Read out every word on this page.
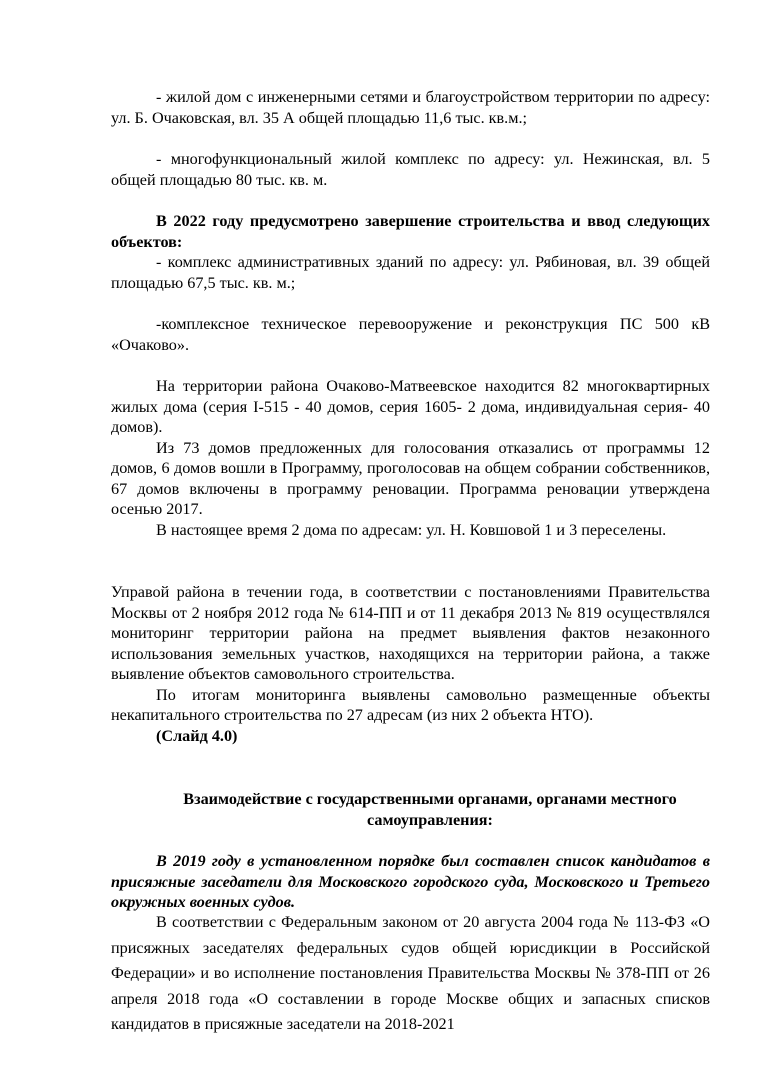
- жилой дом с инженерными сетями и благоустройством территории по адресу: ул. Б. Очаковская, вл. 35 А общей площадью 11,6 тыс. кв.м.;
- многофункциональный жилой комплекс по адресу: ул. Нежинская, вл. 5 общей площадью 80 тыс. кв. м.
В 2022 году предусмотрено завершение строительства и ввод следующих объектов:
- комплекс административных зданий по адресу: ул. Рябиновая, вл. 39 общей площадью 67,5 тыс. кв. м.;
-комплексное техническое перевооружение и реконструкция ПС 500 кВ «Очаково».
На территории района Очаково-Матвеевское находится 82 многоквартирных жилых дома (серия I-515 - 40 домов, серия 1605- 2 дома, индивидуальная серия- 40 домов).
Из 73 домов предложенных для голосования отказались от программы 12 домов, 6 домов вошли в Программу, проголосовав на общем собрании собственников, 67 домов включены в программу реновации. Программа реновации утверждена осенью 2017.
В настоящее время 2 дома по адресам: ул. Н. Ковшовой 1 и 3 переселены.
Управой района в течении года, в соответствии с постановлениями Правительства Москвы от 2 ноября 2012 года № 614-ПП и от 11 декабря 2013 № 819 осуществлялся мониторинг территории района на предмет выявления фактов незаконного использования земельных участков, находящихся на территории района, а также выявление объектов самовольного строительства.
По итогам мониторинга выявлены самовольно размещенные объекты некапитального строительства по 27 адресам (из них 2 объекта НТО).
(Слайд 4.0)
Взаимодействие с государственными органами, органами местного самоуправления:
В 2019 году в установленном порядке был составлен список кандидатов в присяжные заседатели для Московского городского суда, Московского и Третьего окружных военных судов.
В соответствии с Федеральным законом от 20 августа 2004 года № 113-ФЗ «О присяжных заседателях федеральных судов общей юрисдикции в Российской Федерации» и во исполнение постановления Правительства Москвы № 378-ПП от 26 апреля 2018 года «О составлении в городе Москве общих и запасных списков кандидатов в присяжные заседатели на 2018-2021
